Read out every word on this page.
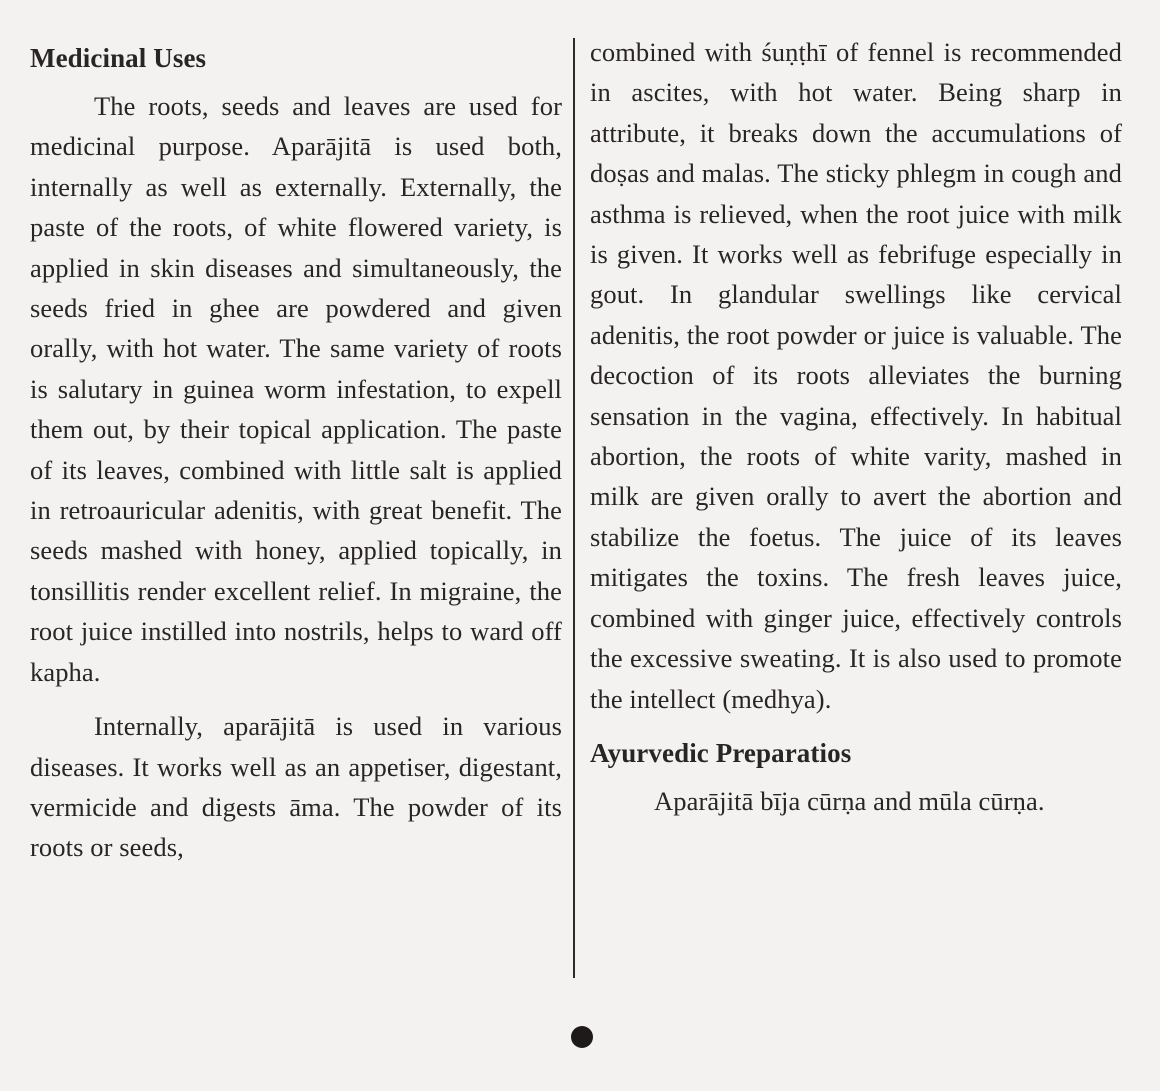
Medicinal Uses

The roots, seeds and leaves are used for medicinal purpose. Aparājitā is used both, internally as well as externally. Externally, the paste of the roots, of white flowered variety, is applied in skin diseases and simultaneously, the seeds fried in ghee are powdered and given orally, with hot water. The same variety of roots is salutary in guinea worm infestation, to expell them out, by their topical application. The paste of its leaves, combined with little salt is applied in retroauricular adenitis, with great benefit. The seeds mashed with honey, applied topically, in tonsillitis render excellent relief. In migraine, the root juice instilled into nostrils, helps to ward off kapha.

Internally, aparājitā is used in various diseases. It works well as an appetiser, digestant, vermicide and digests āma. The powder of its roots or seeds,

combined with śuṇṭhī of fennel is recommended in ascites, with hot water. Being sharp in attribute, it breaks down the accumulations of doṣas and malas. The sticky phlegm in cough and asthma is relieved, when the root juice with milk is given. It works well as febrifuge especially in gout. In glandular swellings like cervical adenitis, the root powder or juice is valuable. The decoction of its roots alleviates the burning sensation in the vagina, effectively. In habitual abortion, the roots of white varity, mashed in milk are given orally to avert the abortion and stabilize the foetus. The juice of its leaves mitigates the toxins. The fresh leaves juice, combined with ginger juice, effectively controls the excessive sweating. It is also used to promote the intellect (medhya).

Ayurvedic Preparatios

Aparājitā bīja cūrṇa and mūla cūrṇa.
